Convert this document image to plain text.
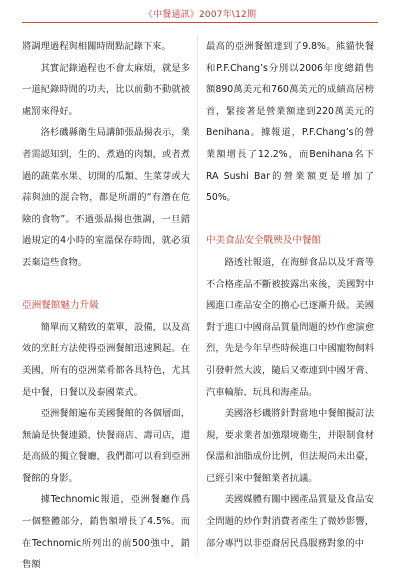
《中餐通訊》2007年\12期

將調理過程與相關時間點記錄下來。

其實記錄過程也不會太麻煩，就是多一道紀錄時間的功夫，比以前動不動就被處罰來得好。

洛杉磯縣衛生局講師張晶揚表示，業者需認知到，生的、煮過的肉類，或者煮過的蔬菜水果、切開的瓜類、生菜芽或大蒜與油的混合物，都是所謂的“有潛在危險的食物”。不過張晶揚也強調，一旦錯過規定的4小時的室溫保存時間，就必須丟棄這些食物。

亞洲餐館魅力升級

簡單而又精致的菜單，設備，以及高效的烹飪方法使得亞洲餐館迅速興起。在美國，所有的亞洲菜肴都各具特色，尤其是中餐，日餐以及泰國菜式。

亞洲餐館遍布美國餐館的各個層面，無論是快餐連鎖、快餐商店、壽司店，還是高級的獨立餐廳，我們都可以看到亞洲餐館的身影。

據Technomic報道，亞洲餐廳作爲一個整體部分，銷售額增長了4.5%。而在Technomic所列出的前500強中，銷售額

最高的亞洲餐館達到了9.8%。熊貓快餐和P.F.Chang’s分別以2006年度總銷售額890萬美元和760萬美元的成績高居榜首，緊接著是營業額達到220萬美元的Benihana。據報道，P.F.Chang’s的營業額增長了12.2%，而Benihana名下RA Sushi Bar的營業額更是增加了50%。

中美食品安全戰殃及中餐館

路透社報道，在海鮮食品以及牙膏等不合格產品不斷被披露出來後，美國對中國進口產品安全的擔心已逐漸升級。美國對于進口中國商品質量問題的炒作愈演愈烈，先是今年早些時候進口中國寵物飼料引發軒然大波，隨后又牽連到中國牙膏、汽車輪胎、玩具和海產品。

美國洛杉磯將針對當地中餐館擬訂法規，要求業者加強環境衛生，并限制食材保溫和油脂成份比例，但法規尚未出臺，已經引來中餐館業者抗議。

美國媒體有關中國產品質量及食品安全問題的炒作對消費者產生了微妙影響，部分專門以非亞裔居民爲服務對象的中
